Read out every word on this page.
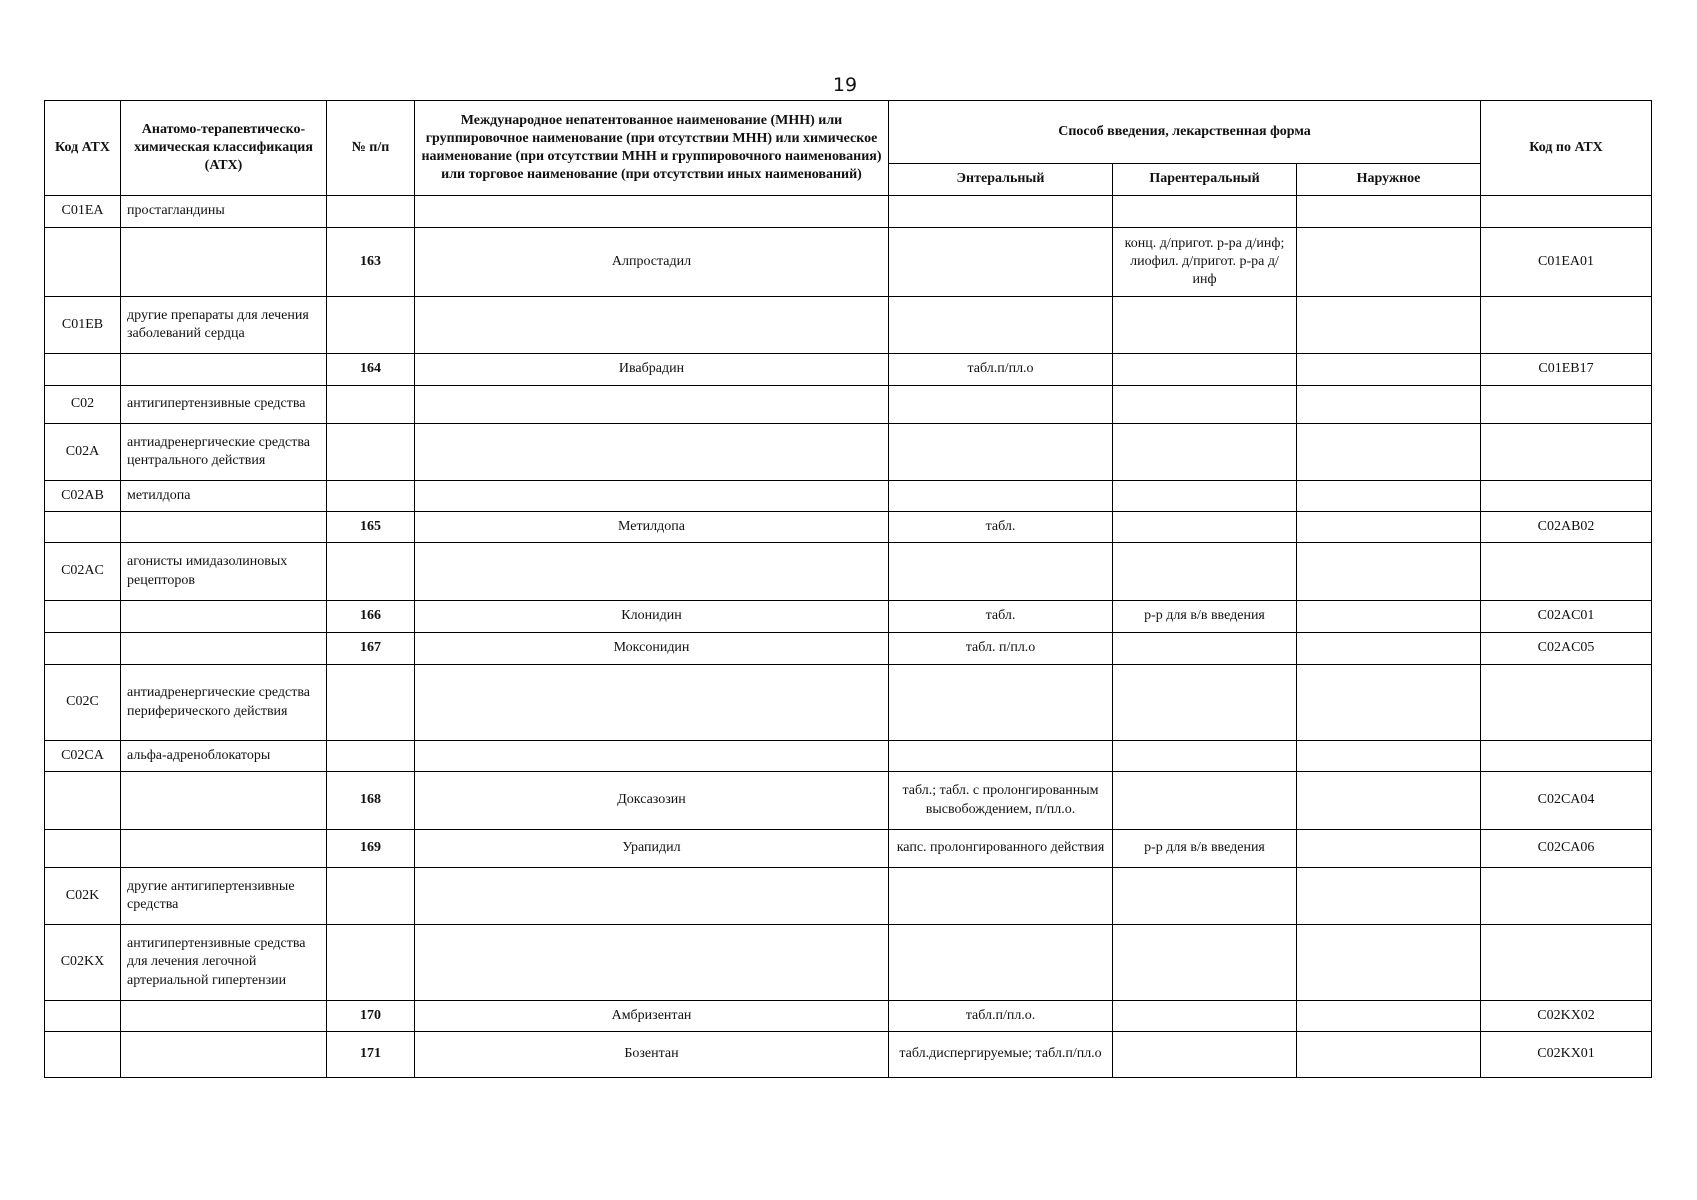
19
Код АТХ	Анатомо-терапевтическо-химическая классификация (АТХ)	№ п/п	Международное непатентованное наименование (МНН) или группировочное наименование (при отсутствии МНН) или химическое наименование (при отсутствии МНН и группировочного наименования) или торговое наименование (при отсутствии иных наименований)	Способ введения, лекарственная форма			Код по АТХ
				Энтеральный	Парентеральный	Наружное	
C01EA	простагландины						
		163	Алпростадил		конц. д/пригот. р-ра д/инф; лиофил. д/пригот. р-ра д/инф		C01EA01
C01EB	другие препараты для лечения заболеваний сердца						
		164	Ивабрадин	табл.п/пл.о			C01EB17
C02	антигипертензивные средства						
C02A	антиадренергические средства центрального действия						
C02AB	метилдопа						
		165	Метилдопа	табл.			C02AB02
C02AC	агонисты имидазолиновых рецепторов						
		166	Клонидин	табл.	р-р для в/в введения		C02AC01
		167	Моксонидин	табл. п/пл.о			C02AC05
C02C	антиадренергические средства периферического действия						
C02CA	альфа-адреноблокаторы						
		168	Доксазозин	табл.; табл. с пролонгированным высвобождением, п/пл.о.			C02CA04
		169	Урапидил	капс. пролонгированного действия	р-р для в/в введения		C02CA06
C02K	другие антигипертензивные средства						
C02KX	антигипертензивные средства для лечения легочной артериальной гипертензии						
		170	Амбризентан	табл.п/пл.о.			C02KX02
		171	Бозентан	табл.диспергируемые; табл.п/пл.о			C02KX01
